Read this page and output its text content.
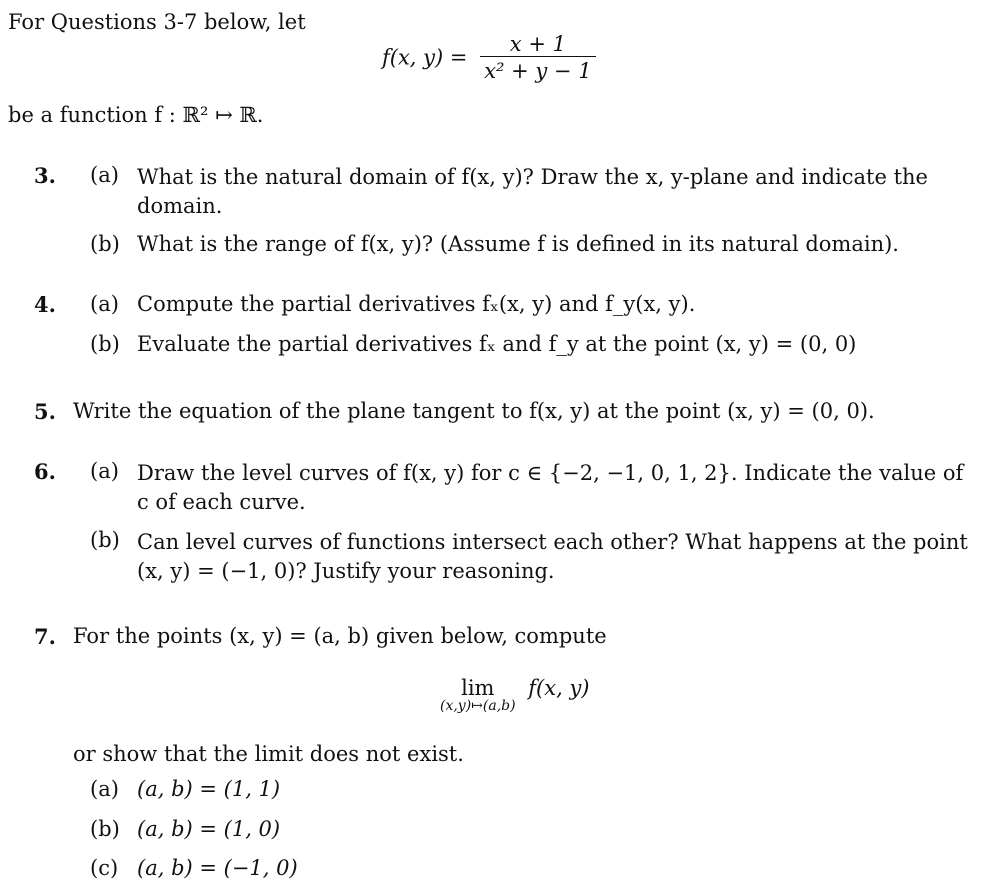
For Questions 3-7 below, let
f(x, $y) = \frac{x + 1}{\text{x² + y − 1}}$
be a function f : ℝ² ↦ ℝ.
3. (a) What is the natural domain of f(x, y)? Draw the x, y-plane and indicate the domain.
(b) What is the range of f(x, y)? (Assume f is defined in its natural domain).
4. (a) Compute the partial derivatives fₓ(x, y) and f_y(x, y).
(b) Evaluate the partial derivatives fₓ and f_y at the point (x, y) = (0, 0)
5. Write the equation of the plane tangent to f(x, y) at the point (x, y) = (0, 0).
6. (a) Draw the level curves of f(x, y) for c ∈ {−2, −1, 0, 1, 2}. Indicate the value of c of each curve.
(b) Can level curves of functions intersect each other? What happens at the point (x, y) = (−1, 0)? Justify your reasoning.
7. For the points (x, y) = (a, b) given below, compute
lim
(x,y)↦(a,b)
f(x, y)
or show that the limit does not exist.
(a) (a, b) = (1, 1)
(b) (a, b) = (1, 0)
(c) (a, b) = (−1, 0)
